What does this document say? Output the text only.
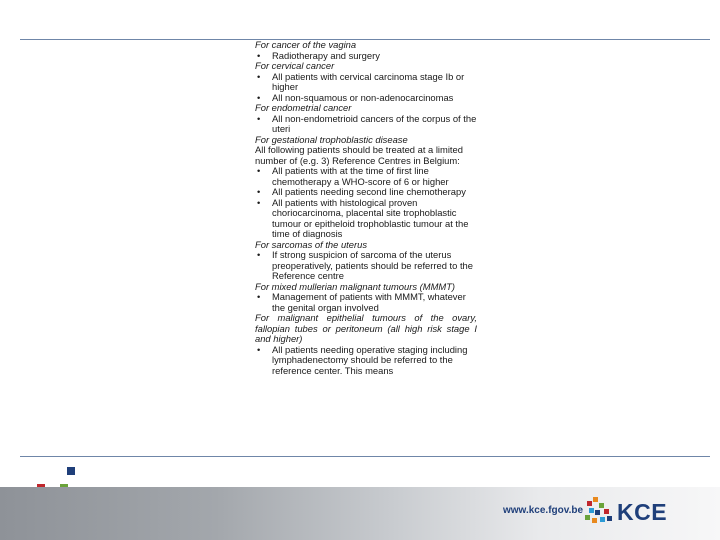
For cancer of the vagina
• Radiotherapy and surgery
For cervical cancer
• All patients with cervical carcinoma stage Ib or higher
• All non-squamous or non-adenocarcinomas
For endometrial cancer
• All non-endometrioid cancers of the corpus of the uteri
For gestational trophoblastic disease
All following patients should be treated at a limited number of (e.g. 3) Reference Centres in Belgium:
• All patients with at the time of first line chemotherapy a WHO-score of 6 or higher
• All patients needing second line chemotherapy
• All patients with histological proven choriocarcinoma, placental site trophoblastic tumour or epitheloid trophoblastic tumour at the time of diagnosis
For sarcomas of the uterus
• If strong suspicion of sarcoma of the uterus preoperatively, patients should be referred to the Reference centre
For mixed mullerian malignant tumours (MMMT)
• Management of patients with MMMT, whatever the genital organ involved
For malignant epithelial tumours of the ovary, fallopian tubes or peritoneum (all high risk stage I and higher)
• All patients needing operative staging including lymphadenectomy should be referred to the reference center. This means
www.kce.fgov.be KCE
